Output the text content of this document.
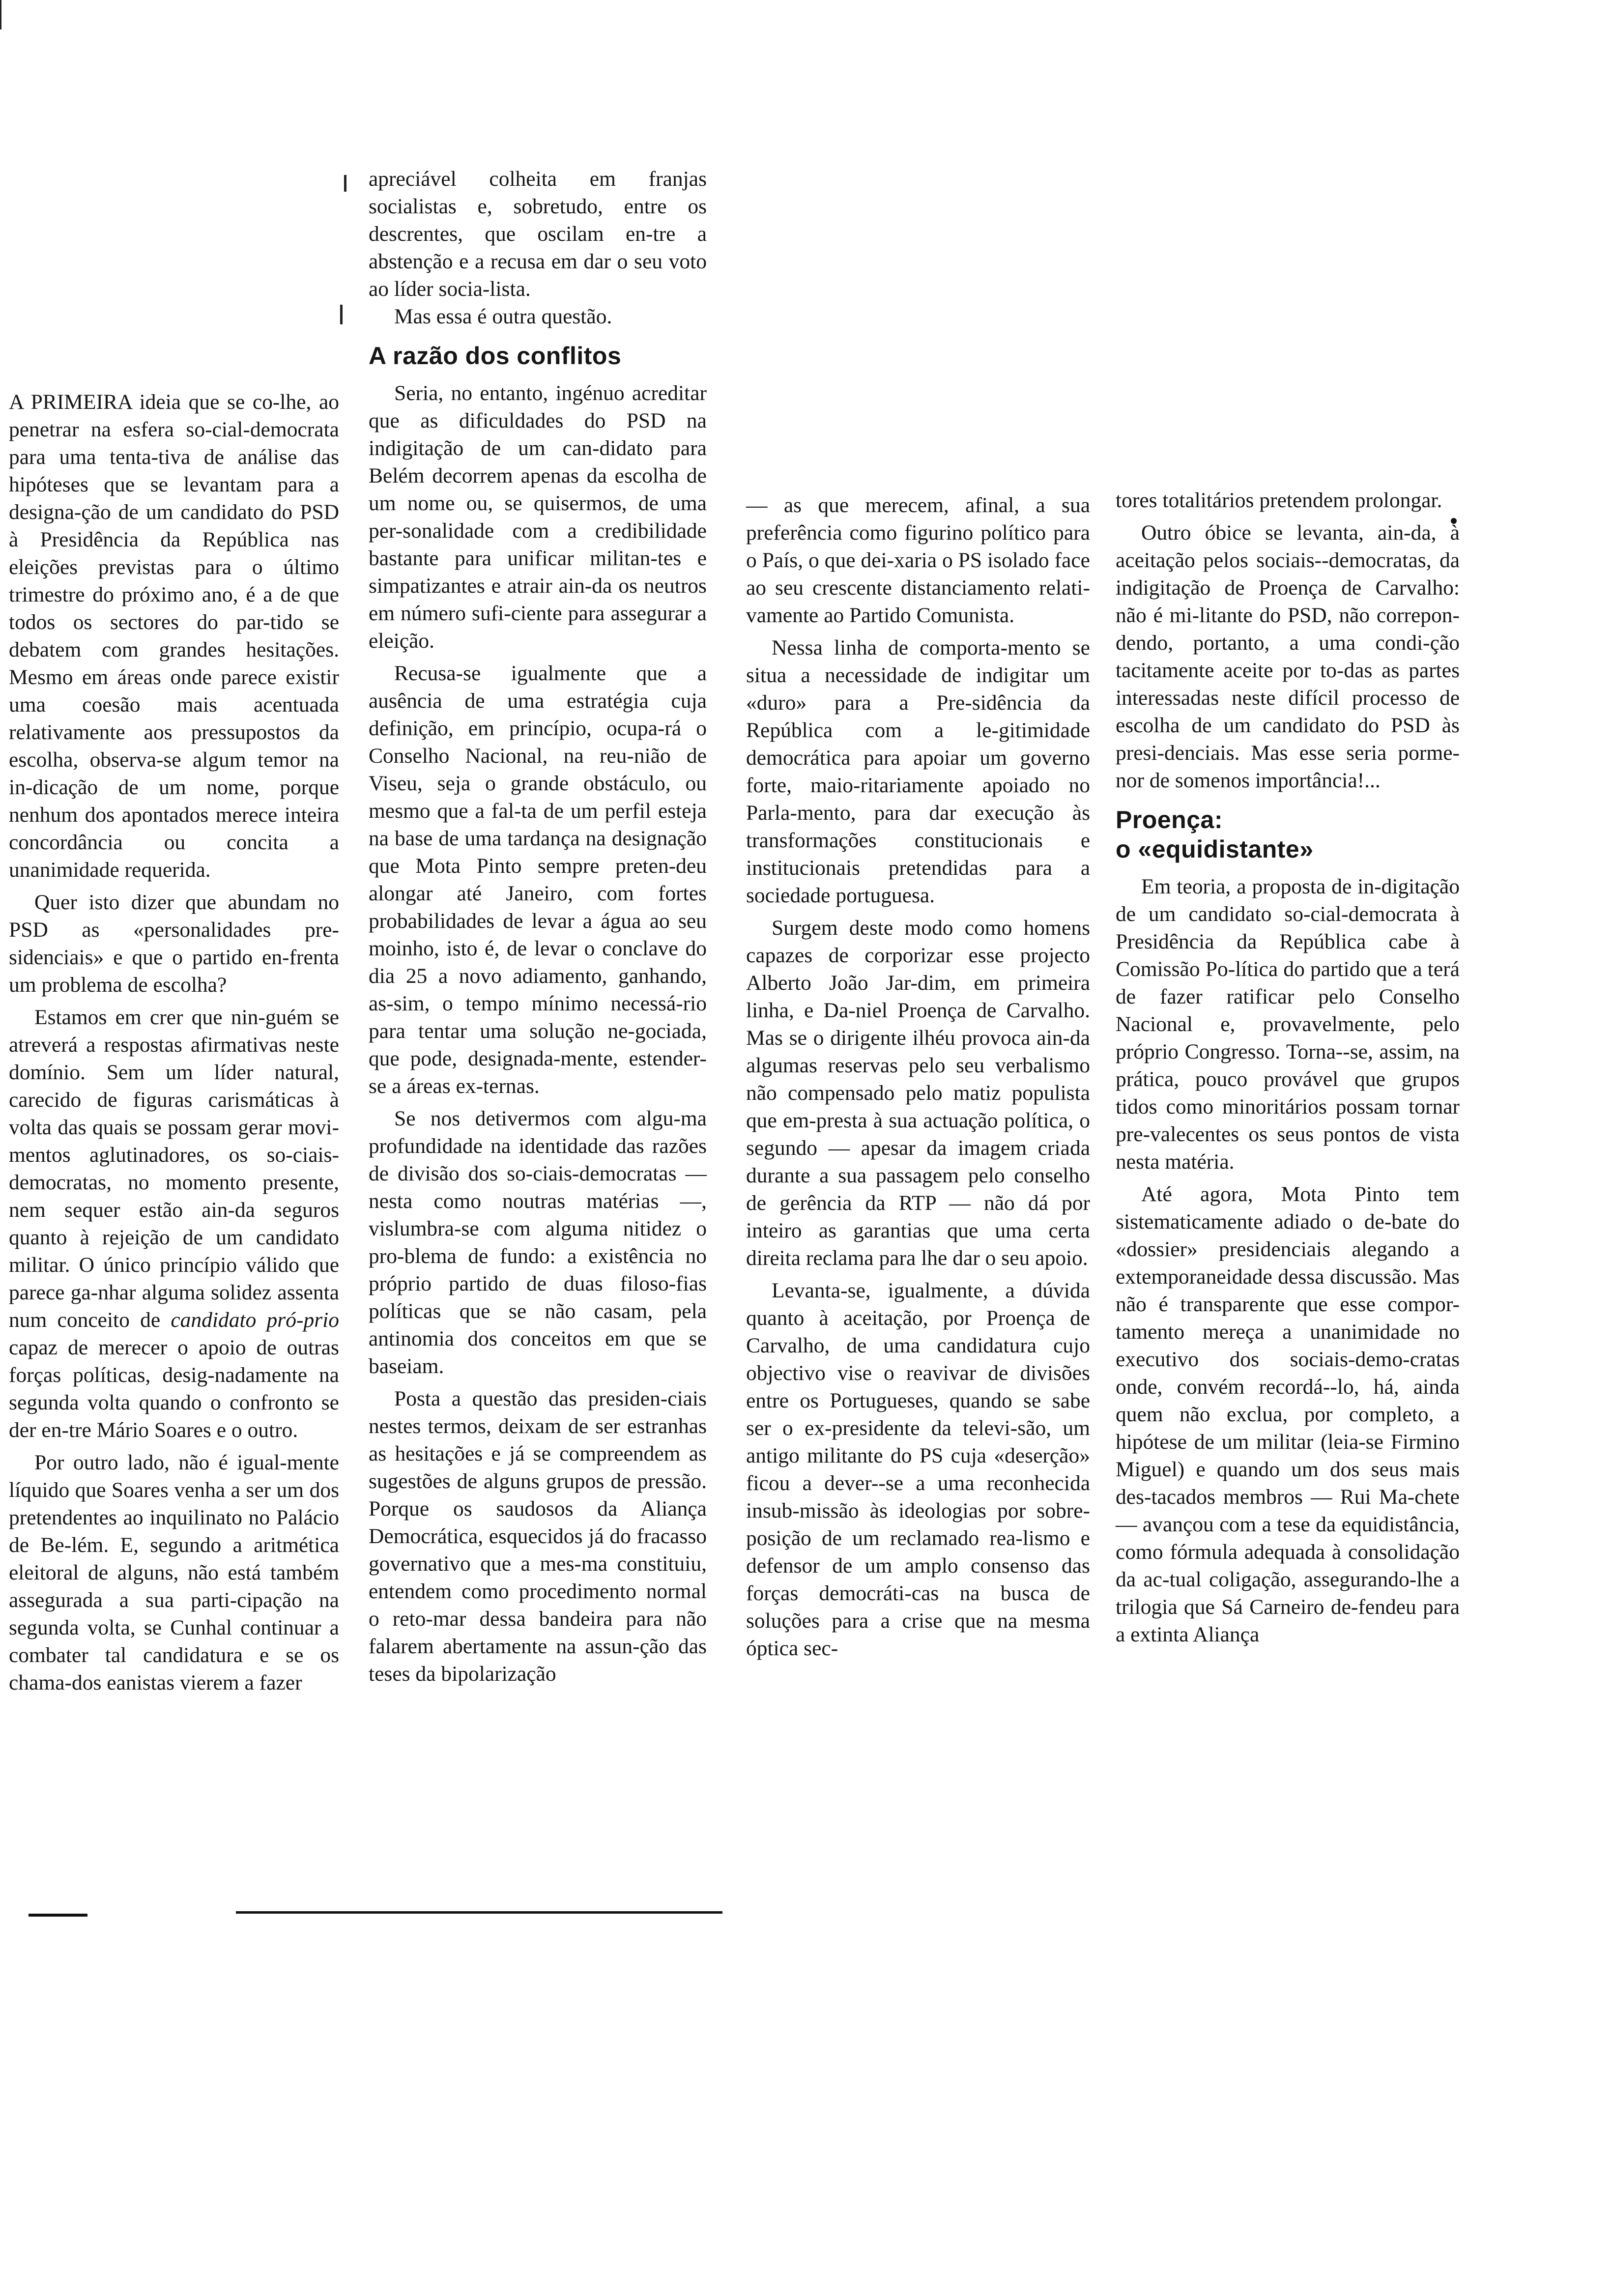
A PRIMEIRA ideia que se co-lhe, ao penetrar na esfera so-cial-democrata para uma tenta-tiva de análise das hipóteses que se levantam para a designa-ção de um candidato do PSD à Presidência da República nas eleições previstas para o último trimestre do próximo ano, é a de que todos os sectores do par-tido se debatem com grandes hesitações. Mesmo em áreas onde parece existir uma coesão mais acentuada relativamente aos pressupostos da escolha, observa-se algum temor na in-dicação de um nome, porque nenhum dos apontados merece inteira concordância ou concita a unanimidade requerida.

Quer isto dizer que abundam no PSD as «personalidades pre-sidenciais» e que o partido en-frenta um problema de escolha?

Estamos em crer que nin-guém se atreverá a respostas afirmativas neste domínio. Sem um líder natural, carecido de figuras carismáticas à volta das quais se possam gerar movi-mentos aglutinadores, os so-ciais-democratas, no momento presente, nem sequer estão ain-da seguros quanto à rejeição de um candidato militar. O único princípio válido que parece ga-nhar alguma solidez assenta num conceito de candidato pró-prio capaz de merecer o apoio de outras forças políticas, desig-nadamente na segunda volta quando o confronto se der en-tre Mário Soares e o outro.

Por outro lado, não é igual-mente líquido que Soares venha a ser um dos pretendentes ao inquilinato no Palácio de Be-lém. E, segundo a aritmética eleitoral de alguns, não está também assegurada a sua parti-cipação na segunda volta, se Cunhal continuar a combater tal candidatura e se os chama-dos eanistas vierem a fazer

apreciável colheita em franjas socialistas e, sobretudo, entre os descrentes, que oscilam en-tre a abstenção e a recusa em dar o seu voto ao líder socia-lista.

Mas essa é outra questão.

A razão dos conflitos

Seria, no entanto, ingénuo acreditar que as dificuldades do PSD na indigitação de um can-didato para Belém decorrem apenas da escolha de um nome ou, se quisermos, de uma per-sonalidade com a credibilidade bastante para unificar militan-tes e simpatizantes e atrair ain-da os neutros em número sufi-ciente para assegurar a eleição.

Recusa-se igualmente que a ausência de uma estratégia cuja definição, em princípio, ocupa-rá o Conselho Nacional, na reu-nião de Viseu, seja o grande obstáculo, ou mesmo que a fal-ta de um perfil esteja na base de uma tardança na designação que Mota Pinto sempre preten-deu alongar até Janeiro, com fortes probabilidades de levar a água ao seu moinho, isto é, de levar o conclave do dia 25 a novo adiamento, ganhando, as-sim, o tempo mínimo necessá-rio para tentar uma solução ne-gociada, que pode, designada-mente, estender-se a áreas ex-ternas.

Se nos detivermos com algu-ma profundidade na identidade das razões de divisão dos so-ciais-democratas — nesta como noutras matérias —, vislumbra-se com alguma nitidez o pro-blema de fundo: a existência no próprio partido de duas filoso-fias políticas que se não casam, pela antinomia dos conceitos em que se baseiam.

Posta a questão das presiden-ciais nestes termos, deixam de ser estranhas as hesitações e já se compreendem as sugestões de alguns grupos de pressão. Porque os saudosos da Aliança Democrática, esquecidos já do fracasso governativo que a mes-ma constituiu, entendem como procedimento normal o reto-mar dessa bandeira para não falarem abertamente na assun-ção das teses da bipolarização

— as que merecem, afinal, a sua preferência como figurino político para o País, o que dei-xaria o PS isolado face ao seu crescente distanciamento relati-vamente ao Partido Comunista.

Nessa linha de comporta-mento se situa a necessidade de indigitar um «duro» para a Pre-sidência da República com a le-gitimidade democrática para apoiar um governo forte, maio-ritariamente apoiado no Parla-mento, para dar execução às transformações constitucionais e institucionais pretendidas para a sociedade portuguesa.

Surgem deste modo como homens capazes de corporizar esse projecto Alberto João Jar-dim, em primeira linha, e Da-niel Proença de Carvalho. Mas se o dirigente ilhéu provoca ain-da algumas reservas pelo seu verbalismo não compensado pelo matiz populista que em-presta à sua actuação política, o segundo — apesar da imagem criada durante a sua passagem pelo conselho de gerência da RTP — não dá por inteiro as garantias que uma certa direita reclama para lhe dar o seu apoio.

Levanta-se, igualmente, a dúvida quanto à aceitação, por Proença de Carvalho, de uma candidatura cujo objectivo vise o reavivar de divisões entre os Portugueses, quando se sabe ser o ex-presidente da televi-são, um antigo militante do PS cuja «deserção» ficou a dever--se a uma reconhecida insub-missão às ideologias por sobre-posição de um reclamado rea-lismo e defensor de um amplo consenso das forças democráti-cas na busca de soluções para a crise que na mesma óptica sec-

tores totalitários pretendem prolongar.

Outro óbice se levanta, ain-da, à aceitação pelos sociais--democratas, da indigitação de Proença de Carvalho: não é mi-litante do PSD, não correpon-dendo, portanto, a uma condi-ção tacitamente aceite por to-das as partes interessadas neste difícil processo de escolha de um candidato do PSD às presi-denciais. Mas esse seria porme-nor de somenos importância!...

Proença:
o «equidistante»

Em teoria, a proposta de in-digitação de um candidato so-cial-democrata à Presidência da República cabe à Comissão Po-lítica do partido que a terá de fazer ratificar pelo Conselho Nacional e, provavelmente, pelo próprio Congresso. Torna--se, assim, na prática, pouco provável que grupos tidos como minoritários possam tornar pre-valecentes os seus pontos de vista nesta matéria.

Até agora, Mota Pinto tem sistematicamente adiado o de-bate do «dossier» presidenciais alegando a extemporaneidade dessa discussão. Mas não é transparente que esse compor-tamento mereça a unanimidade no executivo dos sociais-demo-cratas onde, convém recordá--lo, há, ainda quem não exclua, por completo, a hipótese de um militar (leia-se Firmino Miguel) e quando um dos seus mais des-tacados membros — Rui Ma-chete — avançou com a tese da equidistância, como fórmula adequada à consolidação da ac-tual coligação, assegurando-lhe a trilogia que Sá Carneiro de-fendeu para a extinta Aliança
